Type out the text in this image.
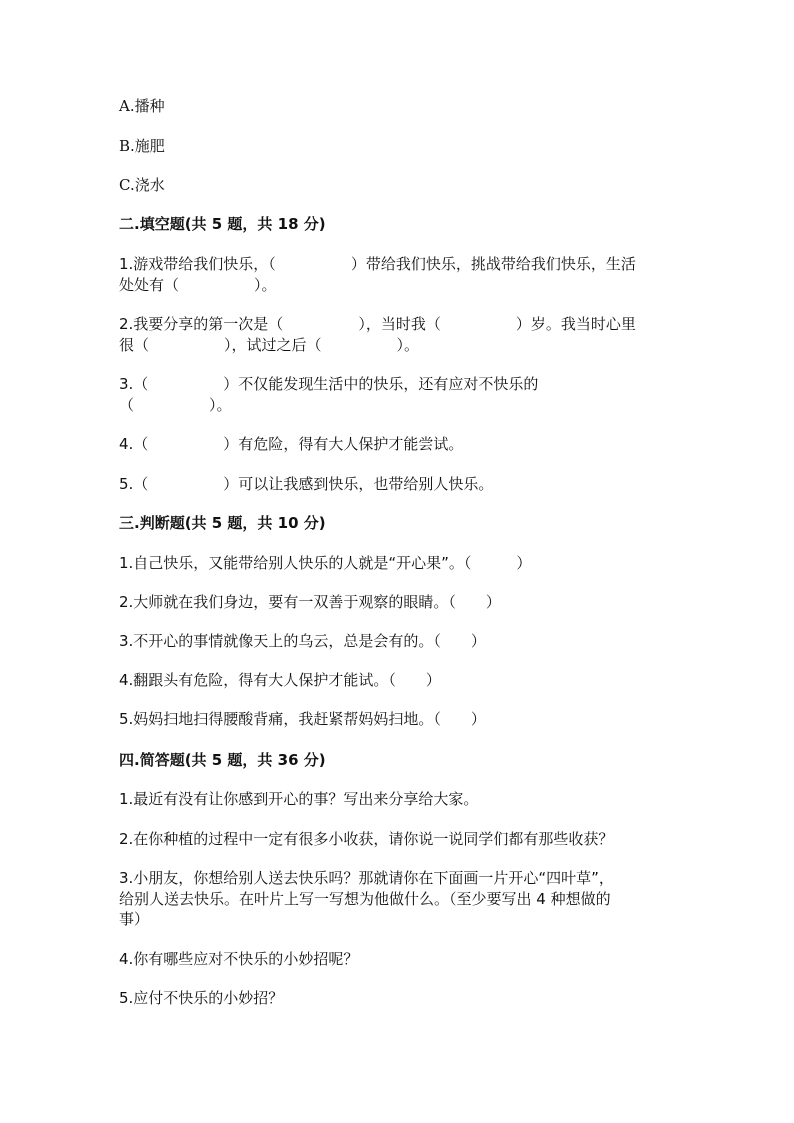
A.播种
B.施肥
C.浇水
二.填空题(共 5 题，共 18 分)
1.游戏带给我们快乐，（　　　　　）带给我们快乐，挑战带给我们快乐，生活
处处有（　　　　　）。
2.我要分享的第一次是（　　　　　），当时我（　　　　　）岁。我当时心里
很（　　　　　），试过之后（　　　　　）。
3.（　　　　　）不仅能发现生活中的快乐，还有应对不快乐的
（　　　　　）。
4.（　　　　　）有危险，得有大人保护才能尝试。
5.（　　　　　）可以让我感到快乐，也带给别人快乐。
三.判断题(共 5 题，共 10 分)
1.自己快乐，又能带给别人快乐的人就是“开心果”。（　　　）
2.大师就在我们身边，要有一双善于观察的眼睛。（　　）
3.不开心的事情就像天上的乌云，总是会有的。（　　）
4.翻跟头有危险，得有大人保护才能试。（　　）
5.妈妈扫地扫得腰酸背痛，我赶紧帮妈妈扫地。（　　）
四.简答题(共 5 题，共 36 分)
1.最近有没有让你感到开心的事？写出来分享给大家。
2.在你种植的过程中一定有很多小收获，请你说一说同学们都有那些收获？
3.小朋友，你想给别人送去快乐吗？那就请你在下面画一片开心“四叶草”，
给别人送去快乐。在叶片上写一写想为他做什么。（至少要写出 4 种想做的
事）
4.你有哪些应对不快乐的小妙招呢？
5.应付不快乐的小妙招？
